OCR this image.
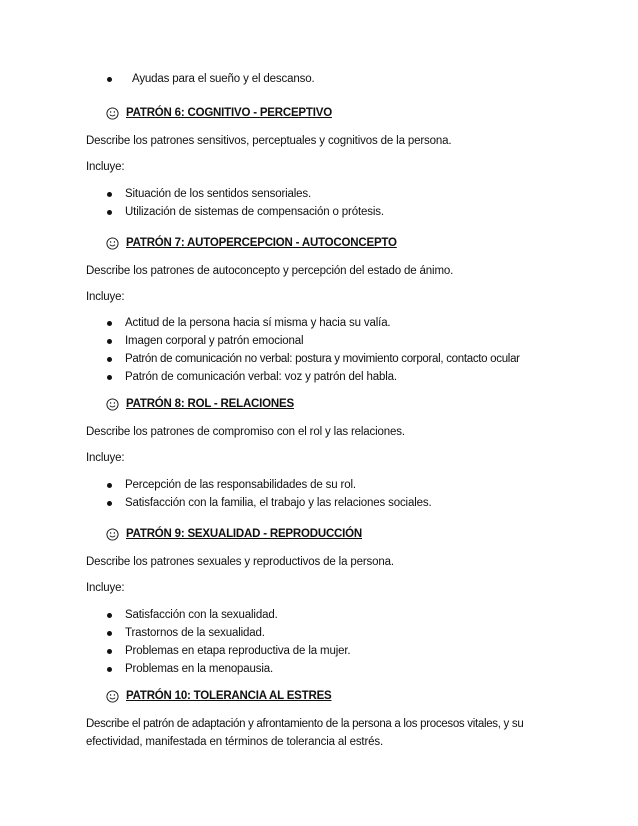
Ayudas para el sueño y el descanso.
PATRÓN 6: COGNITIVO - PERCEPTIVO
Describe los patrones sensitivos, perceptuales y cognitivos de la persona.
Incluye:
Situación de los sentidos sensoriales.
Utilización de sistemas de compensación o prótesis.
PATRÓN 7: AUTOPERCEPCION - AUTOCONCEPTO
Describe los patrones de autoconcepto y percepción del estado de ánimo.
Incluye:
Actitud de la persona hacia sí misma y hacia su valía.
Imagen corporal y patrón emocional
Patrón de comunicación no verbal: postura y movimiento corporal, contacto ocular
Patrón de comunicación verbal: voz y patrón del habla.
PATRÓN 8: ROL - RELACIONES
Describe los patrones de compromiso con el rol y las relaciones.
Incluye:
Percepción de las responsabilidades de su rol.
Satisfacción con la familia, el trabajo y las relaciones sociales.
PATRÓN 9: SEXUALIDAD - REPRODUCCIÓN
Describe los patrones sexuales y reproductivos de la persona.
Incluye:
Satisfacción con la sexualidad.
Trastornos de la sexualidad.
Problemas en etapa reproductiva de la mujer.
Problemas en la menopausia.
PATRÓN 10: TOLERANCIA AL ESTRES
Describe el patrón de adaptación y afrontamiento de la persona a los procesos vitales, y su
efectividad, manifestada en términos de tolerancia al estrés.
